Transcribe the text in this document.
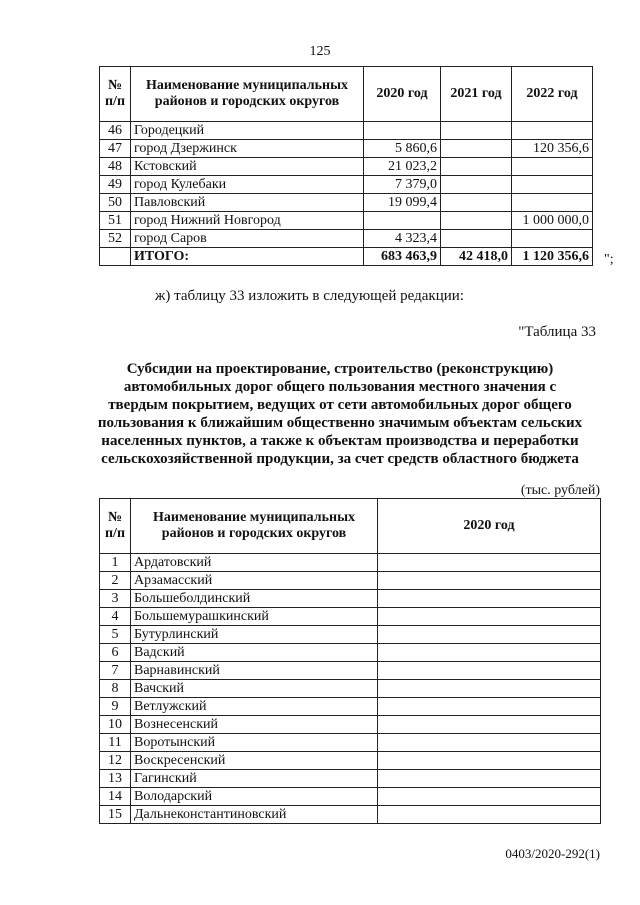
125
№ п/п	Наименование муниципальных районов и городских округов	2020 год	2021 год	2022 год
46	Городецкий			
47	город Дзержинск	5 860,6		120 356,6
48	Кстовский	21 023,2		
49	город Кулебаки	7 379,0		
50	Павловский	19 099,4		
51	город Нижний Новгород			1 000 000,0
52	город Саров	4 323,4		
	ИТОГО:	683 463,9	42 418,0	1 120 356,6 ";
ж) таблицу 33 изложить в следующей редакции:
"Таблица 33
Субсидии на проектирование, строительство (реконструкцию)
автомобильных дорог общего пользования местного значения с
твердым покрытием, ведущих от сети автомобильных дорог общего
пользования к ближайшим общественно значимым объектам сельских
населенных пунктов, а также к объектам производства и переработки
сельскохозяйственной продукции, за счет средств областного бюджета
(тыс. рублей)
№ п/п	Наименование муниципальных районов и городских округов	2020 год
1	Ардатовский	
2	Арзамасский	
3	Большеболдинский	
4	Большемурашкинский	
5	Бутурлинский	
6	Вадский	
7	Варнавинский	
8	Вачский	
9	Ветлужский	
10	Вознесенский	
11	Воротынский	
12	Воскресенский	
13	Гагинский	
14	Володарский	
15	Дальнеконстантиновский	
0403/2020-292(1)
